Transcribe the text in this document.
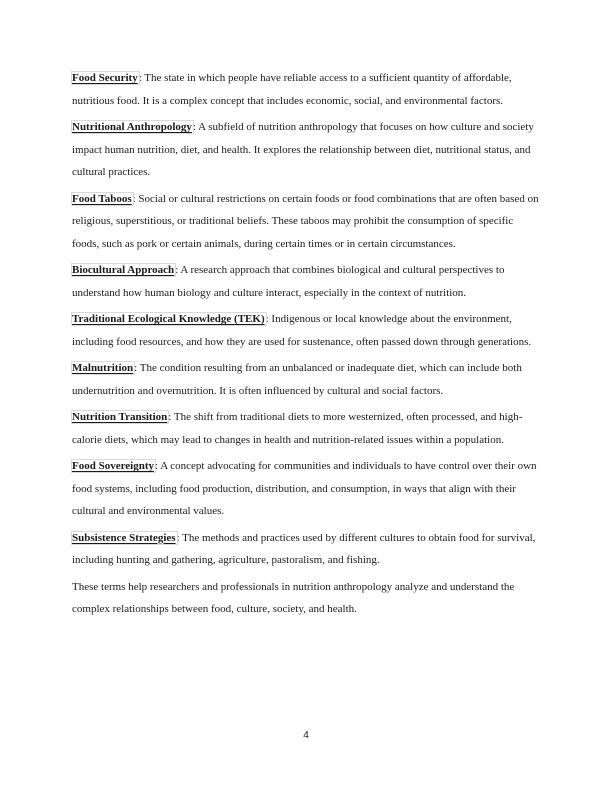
Food Security: The state in which people have reliable access to a sufficient quantity of affordable, nutritious food. It is a complex concept that includes economic, social, and environmental factors.

Nutritional Anthropology: A subfield of nutrition anthropology that focuses on how culture and society impact human nutrition, diet, and health. It explores the relationship between diet, nutritional status, and cultural practices.

Food Taboos: Social or cultural restrictions on certain foods or food combinations that are often based on religious, superstitious, or traditional beliefs. These taboos may prohibit the consumption of specific foods, such as pork or certain animals, during certain times or in certain circumstances.

Biocultural Approach: A research approach that combines biological and cultural perspectives to understand how human biology and culture interact, especially in the context of nutrition.

Traditional Ecological Knowledge (TEK): Indigenous or local knowledge about the environment, including food resources, and how they are used for sustenance, often passed down through generations.

Malnutrition: The condition resulting from an unbalanced or inadequate diet, which can include both undernutrition and overnutrition. It is often influenced by cultural and social factors.

Nutrition Transition: The shift from traditional diets to more westernized, often processed, and high-calorie diets, which may lead to changes in health and nutrition-related issues within a population.

Food Sovereignty: A concept advocating for communities and individuals to have control over their own food systems, including food production, distribution, and consumption, in ways that align with their cultural and environmental values.

Subsistence Strategies: The methods and practices used by different cultures to obtain food for survival, including hunting and gathering, agriculture, pastoralism, and fishing.

These terms help researchers and professionals in nutrition anthropology analyze and understand the complex relationships between food, culture, society, and health.

4
